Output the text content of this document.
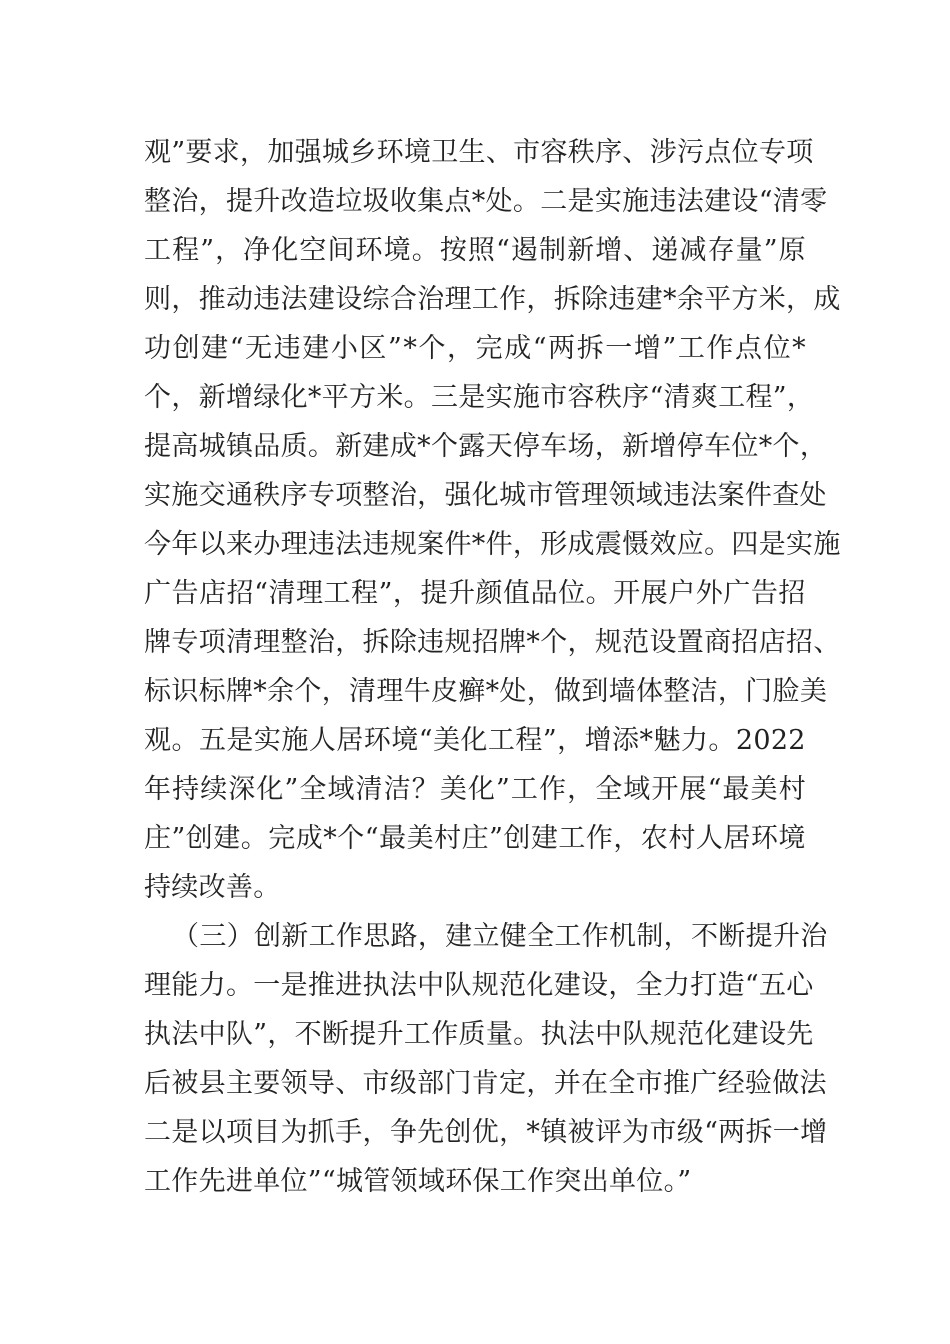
观 ” 要 求 ， 加 强 城 乡 环 境 卫 生 、 市 容 秩 序 、 涉 污 点 位 专 项
整 治 ， 提 升 改 造 垃 圾 收 集 点 * 处 。 二 是 实 施 违 法 建 设 “ 清 零
工 程 ” ， 净 化 空 间 环 境 。 按 照 “ 遏 制 新 增 、 递 减 存 量 ” 原
则 ， 推 动 违 法 建 设 综 合 治 理 工 作 ， 拆 除 违 建 * 余 平 方 米 ， 成
功 创 建 “ 无 违 建 小 区 ” * 个 ， 完 成 “ 两 拆 一 增 ” 工 作 点 位 *
个 ， 新 增 绿 化 * 平 方 米 。 三 是 实 施 市 容 秩 序 “ 清 爽 工 程 ” ，
提 高 城 镇 品 质 。 新 建 成 * 个 露 天 停 车 场 ， 新 增 停 车 位 * 个 ，
实 施 交 通 秩 序 专 项 整 治 ， 强 化 城 市 管 理 领 域 违 法 案 件 查 处
今 年 以 来 办 理 违 法 违 规 案 件 * 件 ， 形 成 震 慑 效 应 。 四 是 实 施
广 告 店 招 “ 清 理 工 程 ” ， 提 升 颜 值 品 位 。 开 展 户 外 广 告 招
牌 专 项 清 理 整 治 ， 拆 除 违 规 招 牌 * 个 ， 规 范 设 置 商 招 店 招 、
标 识 标 牌 * 余 个 ， 清 理 牛 皮 癣 * 处 ， 做 到 墙 体 整 洁 ， 门 脸 美
观 。 五 是 实 施 人 居 环 境 “ 美 化 工 程 ” ， 增 添 * 魅 力 。 2022
年 持 续 深 化 ” 全 域 清 洁 ？ 美 化 ” 工 作 ， 全 域 开 展 “ 最 美 村
庄 ” 创 建 。 完 成 * 个 “ 最 美 村 庄 ” 创 建 工 作 ， 农 村 人 居 环 境
持续改善。
（ 三 ） 创 新 工 作 思 路 ， 建 立 健 全 工 作 机 制 ， 不 断 提 升 治
理 能 力 。 一 是 推 进 执 法 中 队 规 范 化 建 设 ， 全 力 打 造 “ 五 心
执 法 中 队 ” ， 不 断 提 升 工 作 质 量 。 执 法 中 队 规 范 化 建 设 先
后 被 县 主 要 领 导 、 市 级 部 门 肯 定 ， 并 在 全 市 推 广 经 验 做 法
二 是 以 项 目 为 抓 手 ， 争 先 创 优 ， * 镇 被 评 为 市 级 “ 两 拆 一 增
工作先进单位”“城管领域环保工作突出单位。”
